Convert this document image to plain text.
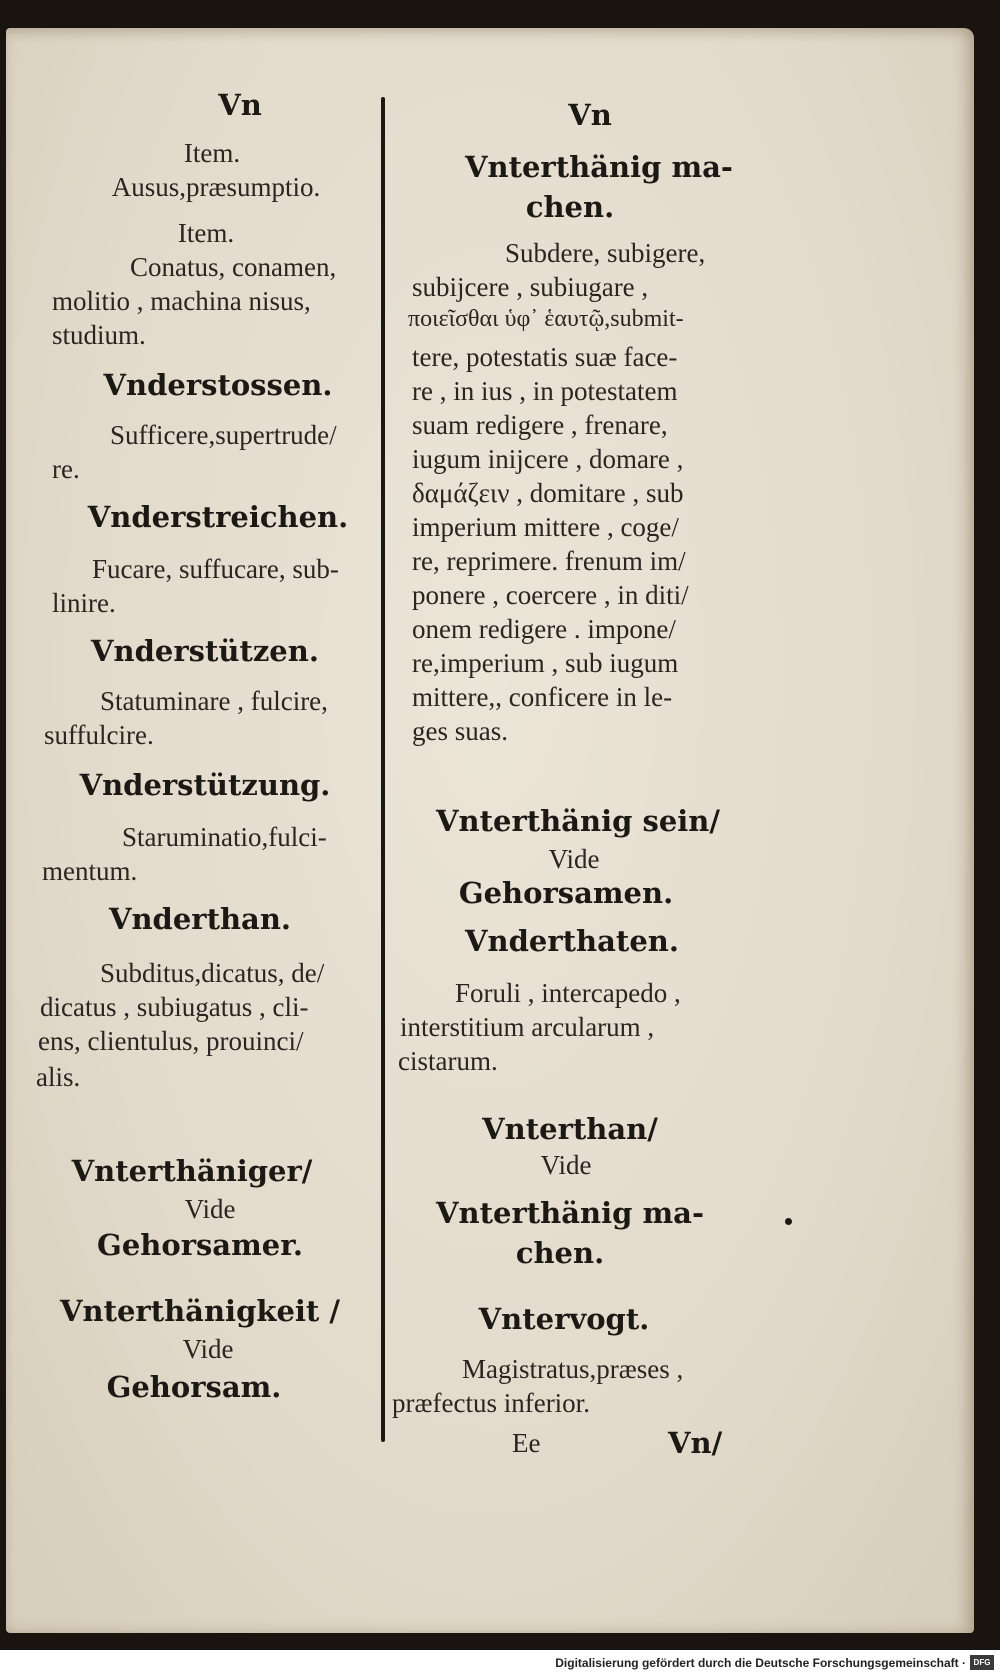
Vn
Item.
Ausus,præsumptio.
Item.
Conatus, conamen,
molitio , machina nisus,
studium.
Vnderstossen.
Sufficere,supertrude/
re.
Vnderstreichen.
Fucare, suffucare, sub-
linire.
Vnderstützen.
Statuminare , fulcire,
suffulcire.
Vnderstützung.
Staruminatio,fulci-
mentum.
Vnderthan.
Subditus,dicatus, de/
dicatus , subiugatus , cli-
ens, clientulus, prouinci/
alis.
Vnterthäniger/
Vide
Gehorsamer.
Vnterthänigkeit /
Vide
Gehorsam.
Vn
Vnterthänig ma-
chen.
Subdere, subigere,
subijcere , subiugare ,
ποιεῖσθαι ὑφ᾽ ἑαυτῷ,submit-
tere, potestatis suæ face-
re , in ius , in potestatem
suam redigere , frenare,
iugum inijcere , domare ,
δαμάζειν , domitare , sub
imperium mittere , coge/
re, reprimere. frenum im/
ponere , coercere , in diti/
onem redigere . impone/
re,imperium , sub iugum
mittere,, conficere in le-
ges suas.
Vnterthänig sein/
Vide
Gehorsamen.
Vnderthaten.
Foruli , intercapedo ,
interstitium arcularum ,
cistarum.
Vnterthan/
Vide
Vnterthänig ma-
chen.
Vntervogt.
Magistratus,præses ,
præfectus inferior.
Ee	Vn/
Digitalisierung gefördert durch die Deutsche Forschungsgemeinschaft · DFG
